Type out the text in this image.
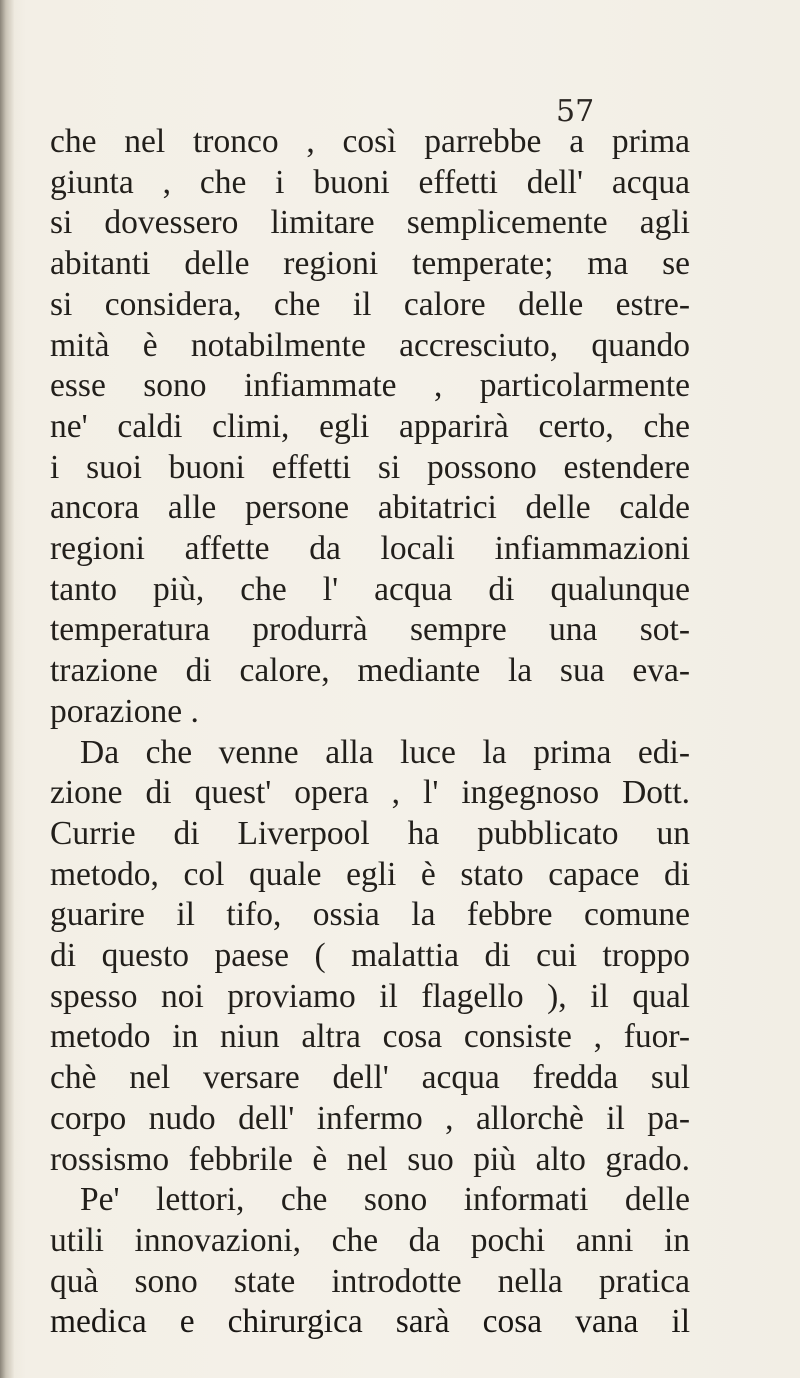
57
che nel tronco , così parrebbe a prima
giunta , che i buoni effetti dell' acqua
si dovessero limitare semplicemente agli
abitanti delle regioni temperate; ma se
si considera, che il calore delle estre-
mità è notabilmente accresciuto, quando
esse sono infiammate , particolarmente
ne' caldi climi, egli apparirà certo, che
i suoi buoni effetti si possono estendere
ancora alle persone abitatrici delle calde
regioni affette da locali infiammazioni
tanto più, che l' acqua di qualunque
temperatura produrrà sempre una sot-
trazione di calore, mediante la sua eva-
porazione .
Da che venne alla luce la prima edi-
zione di quest' opera , l' ingegnoso Dott.
Currie di Liverpool ha pubblicato un
metodo, col quale egli è stato capace di
guarire il tifo, ossia la febbre comune
di questo paese ( malattia di cui troppo
spesso noi proviamo il flagello ), il qual
metodo in niun altra cosa consiste , fuor-
chè nel versare dell' acqua fredda sul
corpo nudo dell' infermo , allorchè il pa-
rossismo febbrile è nel suo più alto grado.
Pe' lettori, che sono informati delle
utili innovazioni, che da pochi anni in
quà sono state introdotte nella pratica
medica e chirurgica sarà cosa vana il
